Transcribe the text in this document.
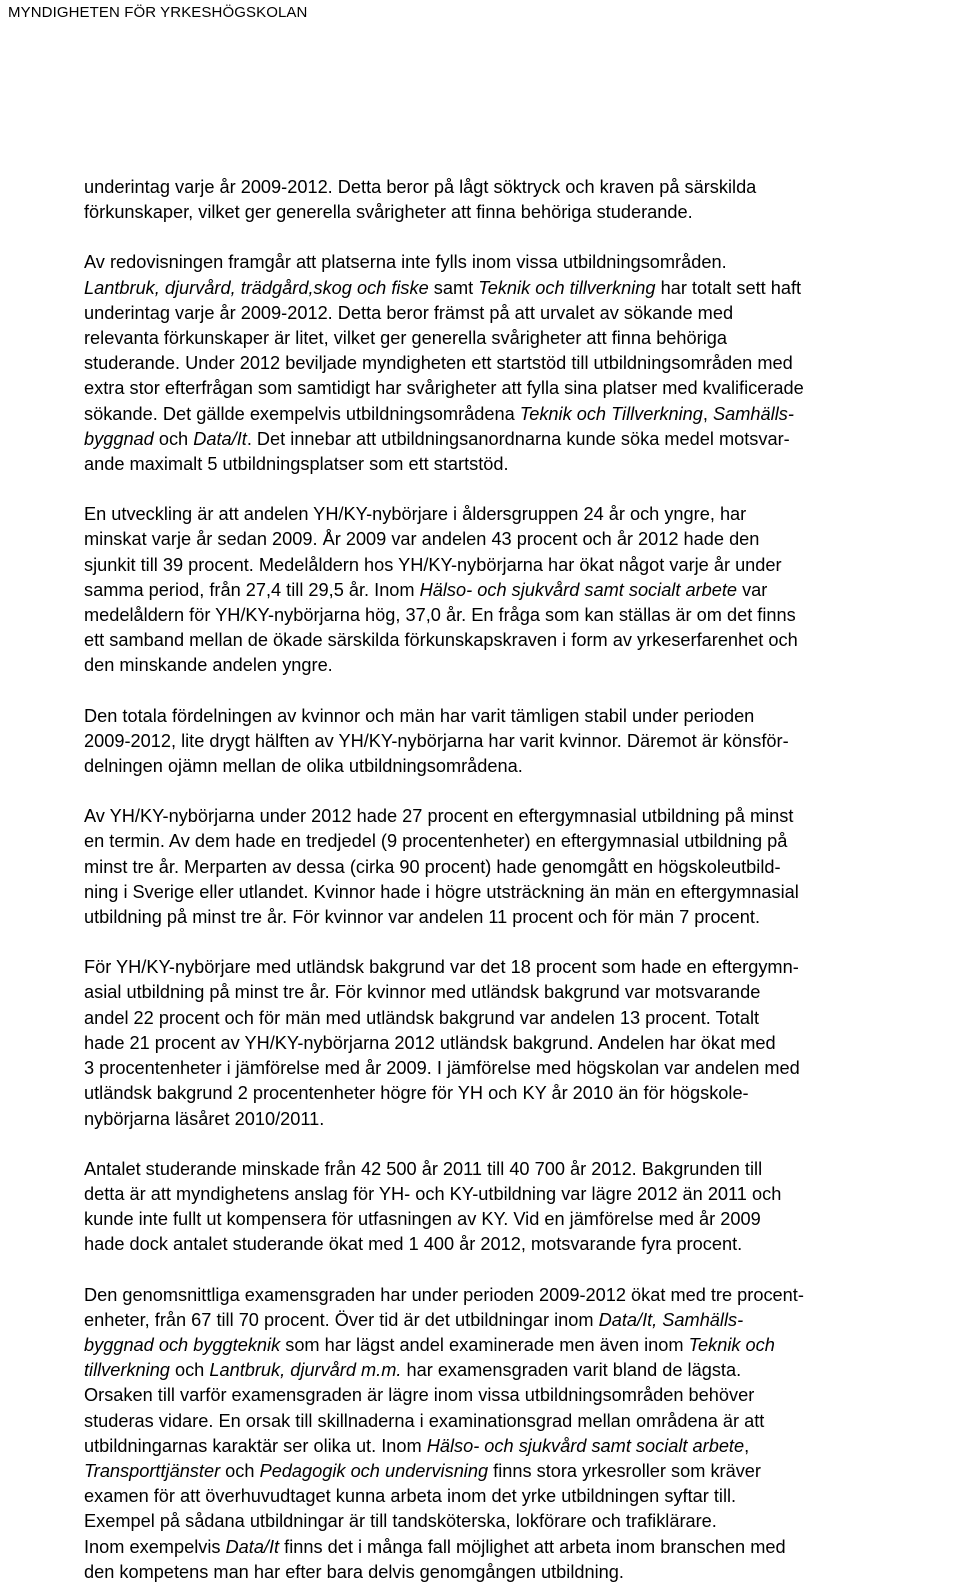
MYNDIGHETEN FÖR YRKESHÖGSKOLAN
underintag varje år 2009-2012. Detta beror på lågt söktryck och kraven på särskilda
förkunskaper, vilket ger generella svårigheter att finna behöriga studerande.
Av redovisningen framgår att platserna inte fylls inom vissa utbildningsområden.
Lantbruk, djurvård, trädgård,skog och fiske samt Teknik och tillverkning har totalt sett haft
underintag varje år 2009-2012. Detta beror främst på att urvalet av sökande med
relevanta förkunskaper är litet, vilket ger generella svårigheter att finna behöriga
studerande. Under 2012 beviljade myndigheten ett startstöd till utbildningsområden med
extra stor efterfrågan som samtidigt har svårigheter att fylla sina platser med kvalificerade
sökande. Det gällde exempelvis utbildningsområdena Teknik och Tillverkning, Samhälls-
byggnad och Data/It. Det innebar att utbildningsanordnarna kunde söka medel motsvar-
ande maximalt 5 utbildningsplatser som ett startstöd.
En utveckling är att andelen YH/KY-nybörjare i åldersgruppen 24 år och yngre, har
minskat varje år sedan 2009. År 2009 var andelen 43 procent och år 2012 hade den
sjunkit till 39 procent. Medelåldern hos YH/KY-nybörjarna har ökat något varje år under
samma period, från 27,4 till 29,5 år. Inom Hälso- och sjukvård samt socialt arbete var
medelåldern för YH/KY-nybörjarna hög, 37,0 år. En fråga som kan ställas är om det finns
ett samband mellan de ökade särskilda förkunskapskraven i form av yrkeserfarenhet och
den minskande andelen yngre.
Den totala fördelningen av kvinnor och män har varit tämligen stabil under perioden
2009-2012, lite drygt hälften av YH/KY-nybörjarna har varit kvinnor. Däremot är könsför-
delningen ojämn mellan de olika utbildningsområdena.
Av YH/KY-nybörjarna under 2012 hade 27 procent en eftergymnasial utbildning på minst
en termin. Av dem hade en tredjedel (9 procentenheter) en eftergymnasial utbildning på
minst tre år. Merparten av dessa (cirka 90 procent) hade genomgått en högskoleutbild-
ning i Sverige eller utlandet. Kvinnor hade i högre utsträckning än män en eftergymnasial
utbildning på minst tre år. För kvinnor var andelen 11 procent och för män 7 procent.
För YH/KY-nybörjare med utländsk bakgrund var det 18 procent som hade en eftergymn-
asial utbildning på minst tre år. För kvinnor med utländsk bakgrund var motsvarande
andel 22 procent och för män med utländsk bakgrund var andelen 13 procent. Totalt
hade 21 procent av YH/KY-nybörjarna 2012 utländsk bakgrund. Andelen har ökat med
3 procentenheter i jämförelse med år 2009. I jämförelse med högskolan var andelen med
utländsk bakgrund 2 procentenheter högre för YH och KY år 2010 än för högskole-
nybörjarna läsåret 2010/2011.
Antalet studerande minskade från 42 500 år 2011 till 40 700 år 2012. Bakgrunden till
detta är att myndighetens anslag för YH- och KY-utbildning var lägre 2012 än 2011 och
kunde inte fullt ut kompensera för utfasningen av KY. Vid en jämförelse med år 2009
hade dock antalet studerande ökat med 1 400 år 2012, motsvarande fyra procent.
Den genomsnittliga examensgraden har under perioden 2009-2012 ökat med tre procent-
enheter, från 67 till 70 procent. Över tid är det utbildningar inom Data/It, Samhälls-
byggnad och byggteknik som har lägst andel examinerade men även inom Teknik och
tillverkning och Lantbruk, djurvård m.m. har examensgraden varit bland de lägsta.
Orsaken till varför examensgraden är lägre inom vissa utbildningsområden behöver
studeras vidare. En orsak till skillnaderna i examinationsgrad mellan områdena är att
utbildningarnas karaktär ser olika ut. Inom Hälso- och sjukvård samt socialt arbete,
Transporttjänster och Pedagogik och undervisning finns stora yrkesroller som kräver
examen för att överhuvudtaget kunna arbeta inom det yrke utbildningen syftar till.
Exempel på sådana utbildningar är till tandsköterska, lokförare och trafiklärare.
Inom exempelvis Data/It finns det i många fall möjlighet att arbeta inom branschen med
den kompetens man har efter bara delvis genomgången utbildning.
